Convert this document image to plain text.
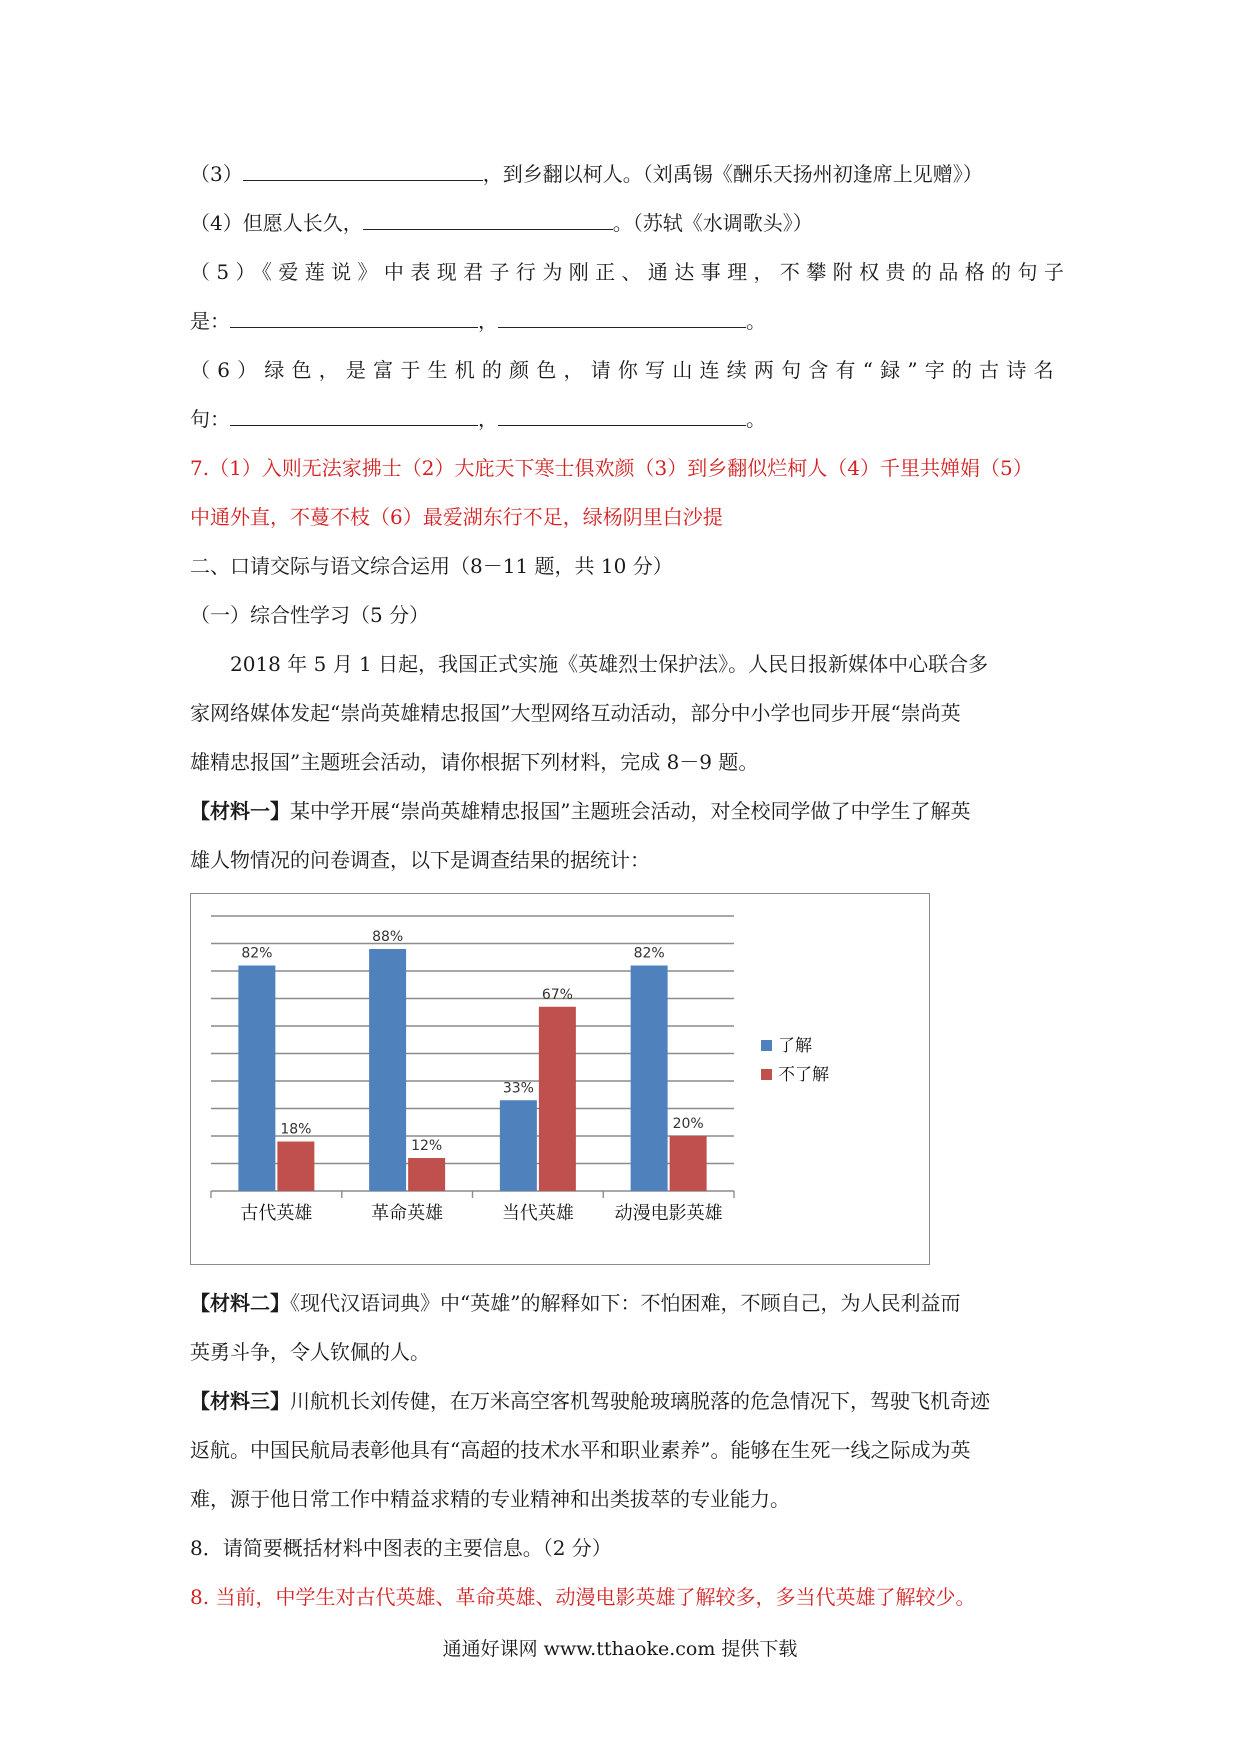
（3）	，到乡翻以柯人。（刘禹锡《酬乐天扬州初逢席上见赠》）
（4）但愿人长久，	。（苏轼《水调歌头》）
（5）《爱莲说》中表现君子行为刚正、通达事理，不攀附权贵的品格的句子
是：	，	。
（6）绿色，是富于生机的颜色，请你写山连续两句含有“録”字的古诗名
句：	，	。
7.（1）入则无法家拂士（2）大庇天下寒士俱欢颜（3）到乡翻似烂柯人（4）千里共婵娟（5）
中通外直，不蔓不枝（6）最爱湖东行不足，绿杨阴里白沙提
二、口请交际与语文综合运用（8－11 题，共 10 分）
（一）综合性学习（5 分）
2018 年 5 月 1 日起，我国正式实施《英雄烈士保护法》。人民日报新媒体中心联合多
家网络媒体发起“崇尚英雄精忠报国”大型网络互动活动，部分中小学也同步开展“崇尚英
雄精忠报国”主题班会活动，请你根据下列材料，完成 8－9 题。
【材料一】某中学开展“崇尚英雄精忠报国”主题班会活动，对全校同学做了中学生了解英
雄人物情况的问卷调查，以下是调查结果的据统计：
82%
18%
古代英雄
88%
12%
革命英雄
33%
67%
当代英雄
82%
20%
动漫电影英雄
了解
不了解
【材料二】《现代汉语词典》中“英雄”的解释如下：不怕困难，不顾自己，为人民利益而
英勇斗争，令人钦佩的人。
【材料三】川航机长刘传健，在万米高空客机驾驶舱玻璃脱落的危急情况下，驾驶飞机奇迹
返航。中国民航局表彰他具有“高超的技术水平和职业素养”。能够在生死一线之际成为英
难，源于他日常工作中精益求精的专业精神和出类拔萃的专业能力。
8．请简要概括材料中图表的主要信息。（2 分）
8. 当前，中学生对古代英雄、革命英雄、动漫电影英雄了解较多，多当代英雄了解较少。
通通好课网 www.tthaoke.com 提供下载
